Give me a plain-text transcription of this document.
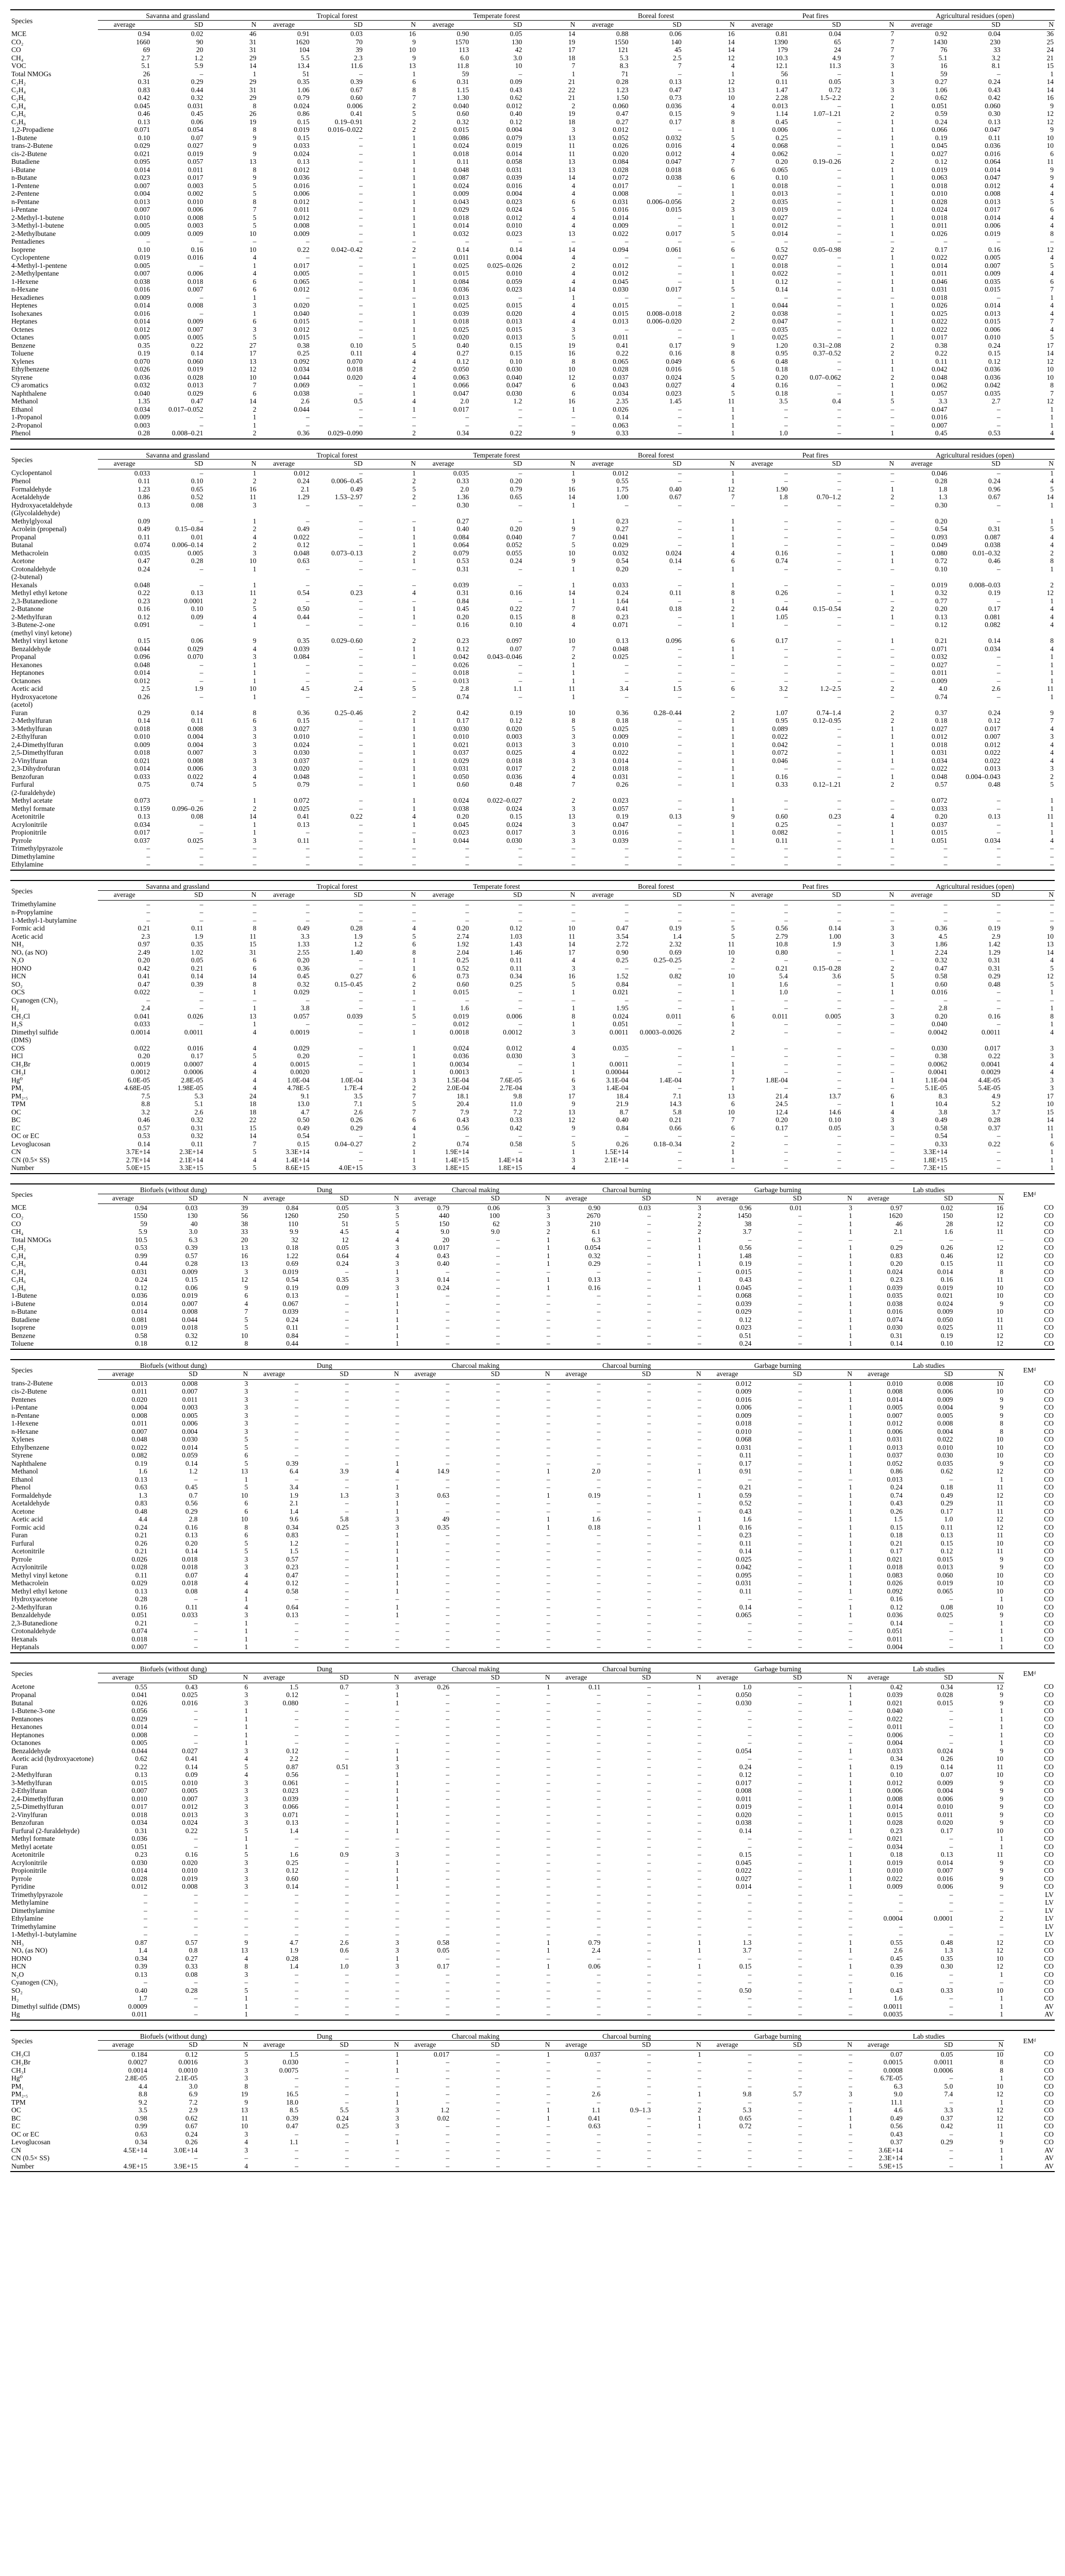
Species	Savanna and grassland			Tropical forest			Temperate forest			Boreal forest			Peat fires			Agricultural residues (open)		
	average	SD	N	average	SD	N	average	SD	N	average	SD	N	average	SD	N	average	SD	N
MCE	0.94	0.02	46	0.91	0.03	16	0.90	0.05	14	0.88	0.06	16	0.81	0.04	7	0.92	0.04	36
CO₂	1660	90	31	1620	70	9	1570	130	19	1550	140	14	1390	65	7	1430	230	25
CO	69	20	31	104	39	10	113	42	17	121	45	14	179	24	7	76	33	24
CH₄	2.7	1.2	29	5.5	2.3	9	6.0	3.0	18	5.3	2.5	12	10.3	4.9	7	5.1	3.2	21
VOC	5.1	5.9	14	13.4	11.6	13	11.8	10	7	8.3	7	4	12.1	11.3	3	16	8.1	15
Total NMOGs	26	–	1	51	–	1	59	–	1	71	–	1	56	–	1	59	–	1
C₂H₂	0.31	0.29	29	0.35	0.39	6	0.31	0.09	21	0.28	0.13	12	0.11	0.05	3	0.27	0.24	14
C₂H₄	0.83	0.44	31	1.06	0.67	8	1.15	0.43	22	1.23	0.47	13	1.47	0.72	3	1.06	0.43	14
C₂H₆	0.42	0.32	29	0.79	0.60	7	1.30	0.62	21	1.50	0.73	10	2.28	1.5–2.2	2	0.62	0.42	16
C₃H₄	0.045	0.031	8	0.024	0.006	2	0.040	0.012	2	0.060	0.036	4	0.013	–	1	0.051	0.060	9
C₃H₆	0.46	0.45	26	0.86	0.41	5	0.60	0.40	19	0.47	0.15	9	1.14	1.07–1.21	2	0.59	0.30	12
C₃H₈	0.13	0.06	19	0.15	0.19–0.91	2	0.32	0.12	18	0.27	0.17	8	0.45	–	1	0.24	0.13	12
1,2-Propadiene	0.071	0.054	8	0.019	0.016–0.022	2	0.015	0.004	3	0.012	–	1	0.006	–	1	0.066	0.047	9
1-Butene	0.10	0.07	9	0.15	–	1	0.086	0.079	13	0.052	0.032	5	0.25	–	1	0.19	0.11	10
trans-2-Butene	0.029	0.027	9	0.033	–	1	0.024	0.019	11	0.026	0.016	4	0.068	–	1	0.045	0.036	10
cis-2-Butene	0.021	0.019	9	0.024	–	1	0.018	0.014	11	0.020	0.012	4	0.062	–	1	0.027	0.016	6
Butadiene	0.095	0.057	13	0.13	–	1	0.11	0.058	13	0.084	0.047	7	0.20	0.19–0.26	2	0.12	0.064	11
i-Butane	0.014	0.011	8	0.012	–	1	0.048	0.031	13	0.028	0.018	6	0.065	–	1	0.019	0.014	9
n-Butane	0.023	0.017	9	0.036	–	1	0.087	0.039	14	0.072	0.038	6	0.10	–	1	0.063	0.047	9
1-Pentene	0.007	0.003	5	0.016	–	1	0.024	0.016	4	0.017	–	1	0.018	–	1	0.018	0.012	4
2-Pentene	0.004	0.002	5	0.006	–	1	0.009	0.004	4	0.008	–	1	0.013	–	1	0.010	0.008	4
n-Pentane	0.013	0.010	8	0.012	–	1	0.043	0.023	6	0.031	0.006–0.056	2	0.035	–	1	0.028	0.013	5
i-Pentane	0.007	0.006	7	0.011	–	1	0.029	0.024	5	0.016	0.015	3	0.019	–	1	0.024	0.017	6
2-Methyl-1-butene	0.010	0.008	5	0.012	–	1	0.018	0.012	4	0.014	–	1	0.027	–	1	0.018	0.014	4
3-Methyl-1-butene	0.005	0.003	5	0.008	–	1	0.014	0.010	4	0.009	–	1	0.012	–	1	0.011	0.006	4
2-Methylbutane	0.009	0.009	10	0.009	–	1	0.032	0.023	13	0.022	0.017	5	0.014	–	1	0.026	0.019	8
Pentadienes	–	–	–	–	–	–	–	–	–	–	–	–	–	–	–	–	–	–
Isoprene	0.10	0.16	10	0.22	0.042–0.42	2	0.14	0.14	14	0.094	0.061	6	0.52	0.05–0.98	2	0.17	0.16	12
Cyclopentene	0.019	0.016	4	–	–	–	0.011	0.004	4	–	–	–	0.027	–	1	0.022	0.005	4
4-Methyl-1-pentene	0.005	–	1	0.017	–	1	0.025	0.025–0.026	2	0.012	–	1	0.018	–	1	0.014	0.007	5
2-Methylpentane	0.007	0.006	4	0.005	–	1	0.015	0.010	4	0.012	–	1	0.022	–	1	0.011	0.009	4
1-Hexene	0.038	0.018	6	0.065	–	1	0.084	0.059	4	0.045	–	1	0.12	–	1	0.046	0.035	6
n-Hexane	0.016	0.007	6	0.012	–	1	0.036	0.023	14	0.030	0.017	5	0.14	–	1	0.031	0.015	7
Hexadienes	0.009	–	1	–	–	–	0.013	–	1	–	–	–	–	–	–	0.018	–	1
Heptenes	0.014	0.008	3	0.020	–	1	0.025	0.015	4	0.015	–	1	0.044	–	1	0.026	0.014	4
Isohexanes	0.016	–	1	0.040	–	1	0.039	0.020	4	0.015	0.008–0.018	2	0.038	–	1	0.025	0.013	4
Heptanes	0.014	0.009	6	0.015	–	1	0.018	0.013	4	0.013	0.006–0.020	2	0.047	–	1	0.022	0.015	7
Octenes	0.012	0.007	3	0.012	–	1	0.025	0.015	3	–	–	–	0.035	–	1	0.022	0.006	4
Octanes	0.005	0.005	5	0.015	–	1	0.020	0.013	5	0.011	–	1	0.025	–	1	0.017	0.010	5
Benzene	0.35	0.22	27	0.38	0.10	5	0.40	0.15	19	0.41	0.17	9	1.20	0.31–2.08	2	0.38	0.24	17
Toluene	0.19	0.14	17	0.25	0.11	4	0.27	0.15	16	0.22	0.16	8	0.95	0.37–0.52	2	0.22	0.15	14
Xylenes	0.070	0.060	13	0.092	0.070	4	0.12	0.10	8	0.065	0.049	6	0.48	–	1	0.11	0.12	12
Ethylbenzene	0.026	0.019	12	0.034	0.018	2	0.050	0.030	10	0.028	0.016	5	0.18	–	1	0.042	0.036	10
Styrene	0.036	0.028	10	0.044	0.020	4	0.063	0.040	12	0.037	0.024	5	0.20	0.07–0.062	2	0.048	0.036	10
C9 aromatics	0.032	0.013	7	0.069	–	1	0.066	0.047	6	0.043	0.027	4	0.16	–	1	0.062	0.042	8
Naphthalene	0.040	0.029	6	0.038	–	1	0.047	0.030	6	0.034	0.023	5	0.18	–	1	0.057	0.035	7
Methanol	1.35	0.47	14	2.6	0.5	4	2.0	1.2	16	2.35	1.45	11	3.5	0.4	5	3.3	2.7	12
Ethanol	0.034	0.017–0.052	2	0.044	–	1	0.017	–	1	0.026	–	1	–	–	–	0.047	–	1
1-Propanol	0.009	–	1	–	–	–	–	–	–	0.14	–	1	–	–	–	0.016	–	1
2-Propanol	0.003	–	1	–	–	–	–	–	–	0.063	–	1	–	–	–	0.007	–	1
Phenol	0.28	0.008–0.21	2	0.36	0.029–0.090	2	0.34	0.22	9	0.33	–	1	1.0	–	1	0.45	0.53	4
Species	Savanna and grassland			Tropical forest			Temperate forest			Boreal forest			Peat fires			Agricultural residues (open)		
	average	SD	N	average	SD	N	average	SD	N	average	SD	N	average	SD	N	average	SD	N
Cyclopentanol	0.033	–	1	0.012	–	1	0.035	–	1	0.012	–	1	–	–	–	0.046	–	1
Phenol	0.11	0.10	2	0.24	0.006–0.45	2	0.33	0.20	9	0.55	–	1	–	–	–	0.28	0.24	4
Formaldehyde	1.23	0.65	16	2.1	0.49	5	2.0	0.79	16	1.75	0.40	12	1.90	–	1	1.8	0.96	5
Acetaldehyde	0.86	0.52	11	1.29	1.53–2.97	2	1.36	0.65	14	1.00	0.67	7	1.8	0.70–1.2	2	1.3	0.67	14
Hydroxyacetaldehyde	0.13	0.08	3	–	–	–	0.30	–	1	–	–	–	–	–	–	0.30	–	1
(Glycolaldehyde)																		
Methylglyoxal	0.09	–	1	–	–	–	0.27	–	1	0.23	–	1	–	–	–	0.20	–	1
Acrolein (propenal)	0.49	0.15–0.84	2	0.49	–	1	0.40	0.20	9	0.27	–	1	–	–	–	0.54	0.31	5
Propanal	0.11	0.01	4	0.022	–	1	0.084	0.040	7	0.041	–	1	–	–	–	0.093	0.087	4
Butanal	0.074	0.006–0.14	2	0.12	–	1	0.064	0.052	5	0.029	–	1	–	–	–	0.049	0.038	4
Methacrolein	0.035	0.005	3	0.048	0.073–0.13	2	0.079	0.055	10	0.032	0.024	4	0.16	–	1	0.080	0.01–0.32	2
Acetone	0.47	0.28	10	0.63	–	1	0.53	0.24	9	0.54	0.14	6	0.74	–	1	0.72	0.46	8
Crotonaldehyde	0.24	–	1	–	–	–	0.31	–	1	0.20	–	1	–	–	–	0.10	–	1
(2-butenal)																		
Hexanals	0.048	–	1	–	–	–	0.039	–	1	0.033	–	1	–	–	–	0.019	0.008–0.03	2
Methyl ethyl ketone	0.22	0.13	11	0.54	0.23	4	0.31	0.16	14	0.24	0.11	8	0.26	–	1	0.32	0.19	12
2,3-Butanedione	0.23	0.0001	2	–	–	–	0.84	–	1	1.64	–	1	–	–	–	0.77	–	1
2-Butanone	0.16	0.10	5	0.50	–	1	0.45	0.22	7	0.41	0.18	2	0.44	0.15–0.54	2	0.20	0.17	4
2-Methylfuran	0.12	0.09	4	0.44	–	1	0.20	0.15	8	0.23	–	1	1.05	–	1	0.13	0.081	4
3-Butene-2-one	0.091	–	1	–	–	–	0.16	0.10	4	0.071	–	1	–	–	–	0.12	0.082	4
(methyl vinyl ketone)																		
Methyl vinyl ketone	0.15	0.06	9	0.35	0.029–0.60	2	0.23	0.097	10	0.13	0.096	6	0.17	–	1	0.21	0.14	8
Benzaldehyde	0.044	0.029	4	0.039	–	1	0.12	0.07	7	0.048	–	1	–	–	–	0.071	0.034	4
Propanal	0.096	0.070	3	0.084	–	1	0.042	0.043–0.046	2	0.025	–	1	–	–	–	0.032	–	1
Hexanones	0.048	–	1	–	–	–	0.026	–	1	–	–	–	–	–	–	0.027	–	1
Heptanones	0.014	–	1	–	–	–	0.018	–	1	–	–	–	–	–	–	0.011	–	1
Octanones	0.012	–	1	–	–	–	0.013	–	1	–	–	–	–	–	–	0.009	–	1
Acetic acid	2.5	1.9	10	4.5	2.4	5	2.8	1.1	11	3.4	1.5	6	3.2	1.2–2.5	2	4.0	2.6	11
Hydroxyacetone	0.26	–	1	–	–	–	0.74	–	1	–	–	–	–	–	–	0.74	–	1
(acetol)																		
Furan	0.29	0.14	8	0.36	0.25–0.46	2	0.42	0.19	10	0.36	0.28–0.44	2	1.07	0.74–1.4	2	0.37	0.24	9
2-Methylfuran	0.14	0.11	6	0.15	–	1	0.17	0.12	8	0.18	–	1	0.95	0.12–0.95	2	0.18	0.12	7
3-Methylfuran	0.018	0.008	3	0.027	–	1	0.030	0.020	5	0.025	–	1	0.089	–	1	0.027	0.017	4
2-Ethylfuran	0.010	0.004	3	0.010	–	1	0.010	0.003	3	0.009	–	1	0.022	–	1	0.012	0.007	3
2,4-Dimethylfuran	0.009	0.004	3	0.024	–	1	0.021	0.013	3	0.010	–	1	0.042	–	1	0.018	0.012	4
2,5-Dimethylfuran	0.018	0.007	3	0.030	–	1	0.037	0.025	4	0.022	–	1	0.072	–	1	0.031	0.022	4
2-Vinylfuran	0.021	0.008	3	0.037	–	1	0.029	0.018	3	0.014	–	1	0.046	–	1	0.034	0.022	4
2,3-Dihydrofuran	0.014	0.006	3	0.020	–	1	0.031	0.017	2	0.018	–	1	–	–	–	0.022	0.013	3
Benzofuran	0.033	0.022	4	0.048	–	1	0.050	0.036	4	0.031	–	1	0.16	–	1	0.048	0.004–0.043	2
Furfural	0.75	0.74	5	0.79	–	1	0.60	0.48	7	0.26	–	1	0.33	0.12–1.21	2	0.57	0.48	5
(2-furaldehyde)																		
Methyl acetate	0.073	–	1	0.072	–	1	0.024	0.022–0.027	2	0.023	–	1	–	–	–	0.072	–	1
Methyl formate	0.159	0.096–0.26	2	0.025	–	1	0.038	0.024	3	0.057	–	1	–	–	–	0.033	–	1
Acetonitrile	0.13	0.08	14	0.41	0.22	4	0.20	0.15	13	0.19	0.13	9	0.60	0.23	4	0.20	0.13	11
Acrylonitrile	0.034	–	1	0.13	–	1	0.045	0.024	3	0.047	–	1	0.25	–	1	0.037	–	1
Propionitrile	0.017	–	1	–	–	–	0.023	0.017	3	0.016	–	1	0.082	–	1	0.015	–	1
Pyrrole	0.037	0.025	3	0.11	–	1	0.044	0.030	3	0.039	–	1	0.11	–	1	0.051	0.034	4
Trimethylpyrazole	–	–	–	–	–	–	–	–	–	–	–	–	–	–	–	–	–	–
Dimethylamine	–	–	–	–	–	–	–	–	–	–	–	–	–	–	–	–	–	–
Ethylamine	–	–	–	–	–	–	–	–	–	–	–	–	–	–	–	–	–	–
Species	Savanna and grassland			Tropical forest			Temperate forest			Boreal forest			Peat fires			Agricultural residues (open)		
	average	SD	N	average	SD	N	average	SD	N	average	SD	N	average	SD	N	average	SD	N
Trimethylamine	–	–	–	–	–	–	–	–	–	–	–	–	–	–	–	–	–	–
n-Propylamine	–	–	–	–	–	–	–	–	–	–	–	–	–	–	–	–	–	–
1-Methyl-1-butylamine	–	–	–	–	–	–	–	–	–	–	–	–	–	–	–	–	–	–
Formic acid	0.21	0.11	8	0.49	0.28	4	0.20	0.12	10	0.47	0.19	5	0.56	0.14	3	0.36	0.19	9
Acetic acid	2.3	1.9	11	3.3	1.9	5	2.74	1.03	11	3.54	1.4	5	2.79	1.00	3	4.5	2.9	10
NH₃	0.97	0.35	15	1.33	1.2	6	1.92	1.43	14	2.72	2.32	11	10.8	1.9	3	1.86	1.42	13
NOₓ (as NO)	2.49	1.02	31	2.55	1.40	8	2.04	1.46	17	0.90	0.69	10	0.80	–	1	2.24	1.29	14
N₂O	0.20	0.05	6	0.20	–	1	0.25	0.11	4	0.25	0.25–0.25	2	–	–	–	0.32	0.31	4
HONO	0.42	0.21	6	0.36	–	1	0.52	0.11	3	–	–	–	0.21	0.15–0.28	2	0.47	0.31	5
HCN	0.41	0.14	14	0.45	0.27	6	0.73	0.34	16	1.52	0.82	10	5.4	3.6	5	0.58	0.29	12
SO₂	0.47	0.39	8	0.32	0.15–0.45	2	0.60	0.25	5	0.84	–	1	1.6	–	1	0.60	0.48	5
OCS	0.022	–	1	0.029	–	1	0.015	–	1	0.021	–	1	1.0	–	1	0.016	–	1
Cyanogen (CN)₂	–	–	–	–	–	–	–	–	–	–	–	–	–	–	–	–	–	–
H₂	2.4	–	1	3.8	–	1	1.6	–	1	1.95	–	1	–	–	–	2.8	–	1
CH₃Cl	0.041	0.026	13	0.057	0.039	5	0.019	0.006	8	0.024	0.011	6	0.011	0.005	3	0.20	0.16	8
H₂S	0.033	–	1	–	–	–	0.012	–	1	0.051	–	1	–	–	–	0.040	–	1
Dimethyl sulfide	0.0014	0.0011	4	0.0019	–	1	0.0018	0.0012	3	0.0011	0.0003–0.0026	2	–	–	–	0.0042	0.0011	4
(DMS)																		
COS	0.022	0.016	4	0.029	–	1	0.024	0.012	4	0.035	–	1	–	–	–	0.030	0.017	3
HCl	0.20	0.17	5	0.20	–	1	0.036	0.030	3	–	–	–	–	–	–	0.38	0.22	3
CH₃Br	0.0019	0.0007	4	0.0015	–	1	0.0034	–	1	0.0011	–	1	–	–	–	0.0062	0.0041	4
CH₃I	0.0012	0.0006	4	0.0020	–	1	0.0013	–	1	0.00044	–	1	–	–	–	0.0041	0.0029	4
Hg⁰	6.0E-05	2.8E-05	4	1.0E-04	1.0E-04	3	1.5E-04	7.6E-05	6	3.1E-04	1.4E-04	7	1.8E-04	–	1	1.1E-04	4.4E-05	3
PM₁	4.68E-05	1.98E-05	4	4.78E-5	1.7E-4	2	2.0E-04	2.7E-04	3	1.4E-04	–	1	–	–	–	5.1E-05	5.4E-05	3
PM₂.₅	7.5	5.3	24	9.1	3.5	7	18.1	9.8	17	18.4	7.1	13	21.4	13.7	6	8.3	4.9	17
TPM	8.8	5.1	18	13.0	7.1	5	20.4	11.0	9	21.9	14.3	6	24.5	–	1	10.4	5.2	10
OC	3.2	2.6	18	4.7	2.6	7	7.9	7.2	13	8.7	5.8	10	12.4	14.6	4	3.8	3.7	15
BC	0.46	0.32	22	0.50	0.26	6	0.43	0.33	12	0.40	0.21	7	0.20	0.10	3	0.49	0.28	14
EC	0.57	0.31	15	0.49	0.29	4	0.56	0.42	9	0.84	0.66	6	0.17	0.05	3	0.58	0.37	11
OC or EC	0.53	0.32	14	0.54	–	1	–	–	–	–	–	–	–	–	–	0.54	–	1
Levoglucosan	0.14	0.11	7	0.15	0.04–0.27	2	0.74	0.58	5	0.26	0.18–0.34	2	–	–	–	0.33	0.22	6
CN	3.7E+14	2.3E+14	5	3.3E+14	–	1	1.9E+14	–	1	1.5E+14	–	1	–	–	–	3.3E+14	–	1
CN (0.5× SS)	2.7E+14	2.1E+14	4	1.4E+14	–	1	1.4E+15	1.4E+14	3	2.1E+14	–	1	–	–	–	1.8E+15	–	1
Number	5.0E+15	3.3E+15	5	8.6E+15	4.0E+15	3	1.8E+15	1.8E+15	4	–	–	–	–	–	–	7.3E+15	–	1
Species	Biofuels (without dung)			Dung			Charcoal making			Charcoal burning			Garbage burning			Lab studies			EMᵈ
	average	SD	N	average	SD	N	average	SD	N	average	SD	N	average	SD	N	average	SD	N	
MCE	0.94	0.03	39	0.84	0.05	3	0.79	0.06	3	0.90	0.03	3	0.96	0.01	3	0.97	0.02	16	CO
CO₂	1550	130	56	1260	250	5	440	100	3	2670	–	2	1450	–	1	1620	150	12	CO
CO	59	40	38	110	51	5	150	62	3	210	–	2	38	–	1	46	28	12	CO
CH₄	5.9	3.0	33	9.9	4.5	4	9.0	9.0	2	6.1	–	2	3.7	–	1	2.1	1.6	11	CO
Total NMOGs	10.5	6.3	20	32	12	4	20	–	1	6.3	–	1	–	–	–	–	–	–	CO
C₂H₂	0.53	0.39	13	0.18	0.05	3	0.017	–	1	0.054	–	1	0.56	–	1	0.29	0.26	12	CO
C₂H₄	0.99	0.57	16	1.22	0.64	4	0.43	–	1	0.32	–	1	1.48	–	1	0.83	0.46	12	CO
C₂H₆	0.44	0.28	13	0.69	0.24	3	0.40	–	1	0.29	–	1	0.19	–	1	0.20	0.15	11	CO
C₃H₄	0.031	0.009	3	0.019	–	1	–	–	–	–	–	–	0.015	–	1	0.024	0.014	8	CO
C₃H₆	0.24	0.15	12	0.54	0.35	3	0.14	–	1	0.13	–	1	0.43	–	1	0.23	0.16	11	CO
C₃H₈	0.12	0.06	9	0.19	0.09	3	0.24	–	1	0.16	–	1	0.045	–	1	0.039	0.019	10	CO
1-Butene	0.036	0.019	6	0.13	–	1	–	–	–	–	–	–	0.068	–	1	0.035	0.021	10	CO
i-Butene	0.014	0.007	4	0.067	–	1	–	–	–	–	–	–	0.039	–	1	0.038	0.024	9	CO
n-Butane	0.014	0.008	7	0.039	–	1	–	–	–	–	–	–	0.029	–	1	0.016	0.009	10	CO
Butadiene	0.081	0.044	5	0.24	–	1	–	–	–	–	–	–	0.12	–	1	0.074	0.050	11	CO
Isoprene	0.019	0.018	5	0.11	–	1	–	–	–	–	–	–	0.023	–	1	0.030	0.025	11	CO
Benzene	0.58	0.32	10	0.84	–	1	–	–	–	–	–	–	0.51	–	1	0.31	0.19	12	CO
Toluene	0.18	0.12	8	0.44	–	1	–	–	–	–	–	–	0.24	–	1	0.14	0.10	12	CO
Species	Biofuels (without dung)			Dung			Charcoal making			Charcoal burning			Garbage burning			Lab studies			EMᵈ
	average	SD	N	average	SD	N	average	SD	N	average	SD	N	average	SD	N	average	SD	N	
trans-2-Butene	0.013	0.008	3	–	–	–	–	–	–	–	–	–	0.012	–	1	0.010	0.008	10	CO
cis-2-Butene	0.011	0.007	3	–	–	–	–	–	–	–	–	–	0.009	–	1	0.008	0.006	10	CO
Pentenes	0.020	0.011	3	–	–	–	–	–	–	–	–	–	0.016	–	1	0.014	0.009	9	CO
i-Pentane	0.004	0.003	3	–	–	–	–	–	–	–	–	–	0.006	–	1	0.005	0.004	9	CO
n-Pentane	0.008	0.005	3	–	–	–	–	–	–	–	–	–	0.009	–	1	0.007	0.005	9	CO
1-Hexene	0.011	0.006	3	–	–	–	–	–	–	–	–	–	0.018	–	1	0.012	0.008	8	CO
n-Hexane	0.007	0.004	3	–	–	–	–	–	–	–	–	–	0.010	–	1	0.006	0.004	8	CO
Xylenes	0.048	0.030	5	–	–	–	–	–	–	–	–	–	0.068	–	1	0.031	0.022	10	CO
Ethylbenzene	0.022	0.014	5	–	–	–	–	–	–	–	–	–	0.031	–	1	0.013	0.010	10	CO
Styrene	0.082	0.059	6	–	–	–	–	–	–	–	–	–	0.11	–	1	0.037	0.030	10	CO
Naphthalene	0.19	0.14	5	0.39	–	1	–	–	–	–	–	–	0.17	–	1	0.052	0.035	9	CO
Methanol	1.6	1.2	13	6.4	3.9	4	14.9	–	1	2.0	–	1	0.91	–	1	0.86	0.62	12	CO
Ethanol	0.13	–	1	–	–	–	–	–	–	–	–	–	–	–	–	0.013	–	1	CO
Phenol	0.63	0.45	5	3.4	–	1	–	–	–	–	–	–	0.21	–	1	0.24	0.18	11	CO
Formaldehyde	1.3	0.7	10	1.9	1.3	3	0.63	–	1	0.19	–	1	0.59	–	1	0.74	0.49	12	CO
Acetaldehyde	0.83	0.56	6	2.1	–	1	–	–	–	–	–	–	0.52	–	1	0.43	0.29	11	CO
Acetone	0.48	0.29	6	1.4	–	1	–	–	–	–	–	–	0.43	–	1	0.26	0.17	11	CO
Acetic acid	4.4	2.8	10	9.6	5.8	3	49	–	1	1.6	–	1	1.6	–	1	1.5	1.0	12	CO
Formic acid	0.24	0.16	8	0.34	0.25	3	0.35	–	1	0.18	–	1	0.16	–	1	0.15	0.11	12	CO
Furan	0.21	0.13	6	0.83	–	1	–	–	–	–	–	–	0.23	–	1	0.18	0.13	11	CO
Furfural	0.26	0.20	5	1.2	–	1	–	–	–	–	–	–	0.11	–	1	0.21	0.15	10	CO
Acetonitrile	0.21	0.14	5	1.5	–	1	–	–	–	–	–	–	0.14	–	1	0.17	0.12	11	CO
Pyrrole	0.026	0.018	3	0.57	–	1	–	–	–	–	–	–	0.025	–	1	0.021	0.015	9	CO
Acrylonitrile	0.028	0.018	3	0.23	–	1	–	–	–	–	–	–	0.042	–	1	0.018	0.013	9	CO
Methyl vinyl ketone	0.11	0.07	4	0.47	–	1	–	–	–	–	–	–	0.095	–	1	0.083	0.060	10	CO
Methacrolein	0.029	0.018	4	0.12	–	1	–	–	–	–	–	–	0.031	–	1	0.026	0.019	10	CO
Methyl ethyl ketone	0.13	0.08	4	0.58	–	1	–	–	–	–	–	–	0.11	–	1	0.092	0.065	10	CO
Hydroxyacetone	0.28	–	1	–	–	–	–	–	–	–	–	–	–	–	–	0.16	–	1	CO
2-Methylfuran	0.16	0.11	4	0.64	–	1	–	–	–	–	–	–	0.14	–	1	0.12	0.08	10	CO
Benzaldehyde	0.051	0.033	3	0.13	–	1	–	–	–	–	–	–	0.065	–	1	0.036	0.025	9	CO
2,3-Butanedione	0.21	–	1	–	–	–	–	–	–	–	–	–	–	–	–	0.14	–	1	CO
Crotonaldehyde	0.074	–	1	–	–	–	–	–	–	–	–	–	–	–	–	0.051	–	1	CO
Hexanals	0.018	–	1	–	–	–	–	–	–	–	–	–	–	–	–	0.011	–	1	CO
Heptanals	0.007	–	1	–	–	–	–	–	–	–	–	–	–	–	–	0.004	–	1	CO
Species	Biofuels (without dung)			Dung			Charcoal making			Charcoal burning			Garbage burning			Lab studies			EMᵈ
	average	SD	N	average	SD	N	average	SD	N	average	SD	N	average	SD	N	average	SD	N	
Acetone	0.55	0.43	6	1.5	0.7	3	0.26	–	1	0.11	–	1	1.0	–	1	0.42	0.34	12	CO
Propanal	0.041	0.025	3	0.12	–	1	–	–	–	–	–	–	0.050	–	1	0.039	0.028	9	CO
Butanal	0.026	0.016	3	0.080	–	1	–	–	–	–	–	–	0.030	–	1	0.021	0.015	9	CO
1-Butene-3-one	0.056	–	1	–	–	–	–	–	–	–	–	–	–	–	–	0.040	–	1	CO
Pentanones	0.029	–	1	–	–	–	–	–	–	–	–	–	–	–	–	0.022	–	1	CO
Hexanones	0.014	–	1	–	–	–	–	–	–	–	–	–	–	–	–	0.011	–	1	CO
Heptanones	0.008	–	1	–	–	–	–	–	–	–	–	–	–	–	–	0.006	–	1	CO
Octanones	0.005	–	1	–	–	–	–	–	–	–	–	–	–	–	–	0.004	–	1	CO
Benzaldehyde	0.044	0.027	3	0.12	–	1	–	–	–	–	–	–	0.054	–	1	0.033	0.024	9	CO
Acetic acid (hydroxyacetone)	0.62	0.41	4	2.2	–	1	–	–	–	–	–	–	–	–	–	0.34	0.26	10	CO
Furan	0.22	0.14	5	0.87	0.51	3	–	–	–	–	–	–	0.24	–	1	0.19	0.14	11	CO
2-Methylfuran	0.13	0.09	4	0.56	–	1	–	–	–	–	–	–	0.12	–	1	0.10	0.07	10	CO
3-Methylfuran	0.015	0.010	3	0.061	–	1	–	–	–	–	–	–	0.017	–	1	0.012	0.009	9	CO
2-Ethylfuran	0.007	0.005	3	0.023	–	1	–	–	–	–	–	–	0.008	–	1	0.006	0.004	9	CO
2,4-Dimethylfuran	0.010	0.007	3	0.039	–	1	–	–	–	–	–	–	0.011	–	1	0.008	0.006	9	CO
2,5-Dimethylfuran	0.017	0.012	3	0.066	–	1	–	–	–	–	–	–	0.019	–	1	0.014	0.010	9	CO
2-Vinylfuran	0.018	0.013	3	0.071	–	1	–	–	–	–	–	–	0.020	–	1	0.015	0.011	9	CO
Benzofuran	0.034	0.024	3	0.13	–	1	–	–	–	–	–	–	0.038	–	1	0.028	0.020	9	CO
Furfural (2-furaldehyde)	0.31	0.22	5	1.4	–	1	–	–	–	–	–	–	0.14	–	1	0.23	0.17	10	CO
Methyl formate	0.036	–	1	–	–	–	–	–	–	–	–	–	–	–	–	0.021	–	1	CO
Methyl acetate	0.051	–	1	–	–	–	–	–	–	–	–	–	–	–	–	0.034	–	1	CO
Acetonitrile	0.23	0.16	5	1.6	0.9	3	–	–	–	–	–	–	0.15	–	1	0.18	0.13	11	CO
Acrylonitrile	0.030	0.020	3	0.25	–	1	–	–	–	–	–	–	0.045	–	1	0.019	0.014	9	CO
Propionitrile	0.014	0.010	3	0.12	–	1	–	–	–	–	–	–	0.022	–	1	0.010	0.007	9	CO
Pyrrole	0.028	0.019	3	0.60	–	1	–	–	–	–	–	–	0.027	–	1	0.022	0.016	9	CO
Pyridine	0.012	0.008	3	0.14	–	1	–	–	–	–	–	–	0.014	–	1	0.009	0.006	9	CO
Trimethylpyrazole	–	–	–	–	–	–	–	–	–	–	–	–	–	–	–	–	–	–	LV
Methylamine	–	–	–	–	–	–	–	–	–	–	–	–	–	–	–	–	–	–	LV
Dimethylamine	–	–	–	–	–	–	–	–	–	–	–	–	–	–	–	–	–	–	LV
Ethylamine	–	–	–	–	–	–	–	–	–	–	–	–	–	–	–	0.0004	0.0001	2	LV
Trimethylamine	–	–	–	–	–	–	–	–	–	–	–	–	–	–	–	–	–	–	LV
1-Methyl-1-butylamine	–	–	–	–	–	–	–	–	–	–	–	–	–	–	–	–	–	–	LV
NH₃	0.87	0.57	9	4.7	2.6	3	0.58	–	1	0.79	–	1	1.3	–	1	0.55	0.48	12	CO
NOₓ (as NO)	1.4	0.8	13	1.9	0.6	3	0.05	–	1	2.4	–	1	3.7	–	1	2.6	1.3	12	CO
HONO	0.34	0.27	4	0.28	–	1	–	–	–	–	–	–	–	–	–	0.45	0.35	10	CO
HCN	0.39	0.33	8	1.4	1.0	3	0.17	–	1	0.06	–	1	0.15	–	1	0.39	0.30	12	CO
N₂O	0.13	0.08	3	–	–	–	–	–	–	–	–	–	–	–	–	0.16	–	1	CO
Cyanogen (CN)₂	–	–	–	–	–	–	–	–	–	–	–	–	–	–	–	–	–	–	CO
SO₂	0.40	0.28	5	–	–	–	–	–	–	–	–	–	0.50	–	1	0.43	0.33	10	CO
H₂	1.7	–	1	–	–	–	–	–	–	–	–	–	–	–	–	1.6	–	1	CO
Dimethyl sulfide (DMS)	0.0009	–	1	–	–	–	–	–	–	–	–	–	–	–	–	0.0011	–	1	AV
Hg	0.011	–	1	–	–	–	–	–	–	–	–	–	–	–	–	0.0035	–	1	AV
Species	Biofuels (without dung)			Dung			Charcoal making			Charcoal burning			Garbage burning			Lab studies			EMᵈ
	average	SD	N	average	SD	N	average	SD	N	average	SD	N	average	SD	N	average	SD	N	
CH₃Cl	0.184	0.12	5	1.5	–	1	0.017	–	1	0.037	–	1	–	–	–	0.07	0.05	10	CO
CH₃Br	0.0027	0.0016	3	0.030	–	1	–	–	–	–	–	–	–	–	–	0.0015	0.0011	8	CO
CH₃I	0.0014	0.0010	3	0.0075	–	1	–	–	–	–	–	–	–	–	–	0.0008	0.0006	8	CO
Hg⁰	2.8E-05	2.1E-05	3	–	–	–	–	–	–	–	–	–	–	–	–	6.7E-05	–	1	CO
PM₁	4.4	3.0	8	–	–	–	–	–	–	–	–	–	–	–	–	6.3	5.0	10	CO
PM₂.₅	8.8	6.9	19	16.5	–	1	–	–	–	2.6	–	1	9.8	5.7	3	9.0	7.4	12	CO
TPM	9.2	7.2	9	18.0	–	1	–	–	–	–	–	–	–	–	–	11.1	–	1	CO
OC	3.5	2.9	13	8.5	5.5	3	1.2	–	1	1.1	0.9–1.3	2	5.3	–	1	4.6	3.3	12	CO
BC	0.98	0.62	11	0.39	0.24	3	0.02	–	1	0.41	–	1	0.65	–	1	0.49	0.37	12	CO
EC	0.99	0.67	10	0.47	0.25	3	–	–	–	0.63	–	1	0.72	–	1	0.56	0.42	11	CO
OC or EC	0.63	0.24	3	–	–	–	–	–	–	–	–	–	–	–	–	0.43	–	1	CO
Levoglucosan	0.34	0.26	4	1.1	–	1	–	–	–	–	–	–	–	–	–	0.37	0.29	9	CO
CN	4.5E+14	3.0E+14	3	–	–	–	–	–	–	–	–	–	–	–	–	3.6E+14	–	1	AV
CN (0.5× SS)	–	–	–	–	–	–	–	–	–	–	–	–	–	–	–	2.3E+14	–	1	AV
Number	4.9E+15	3.9E+15	4	–	–	–	–	–	–	–	–	–	–	–	–	5.9E+15	–	1	AV
